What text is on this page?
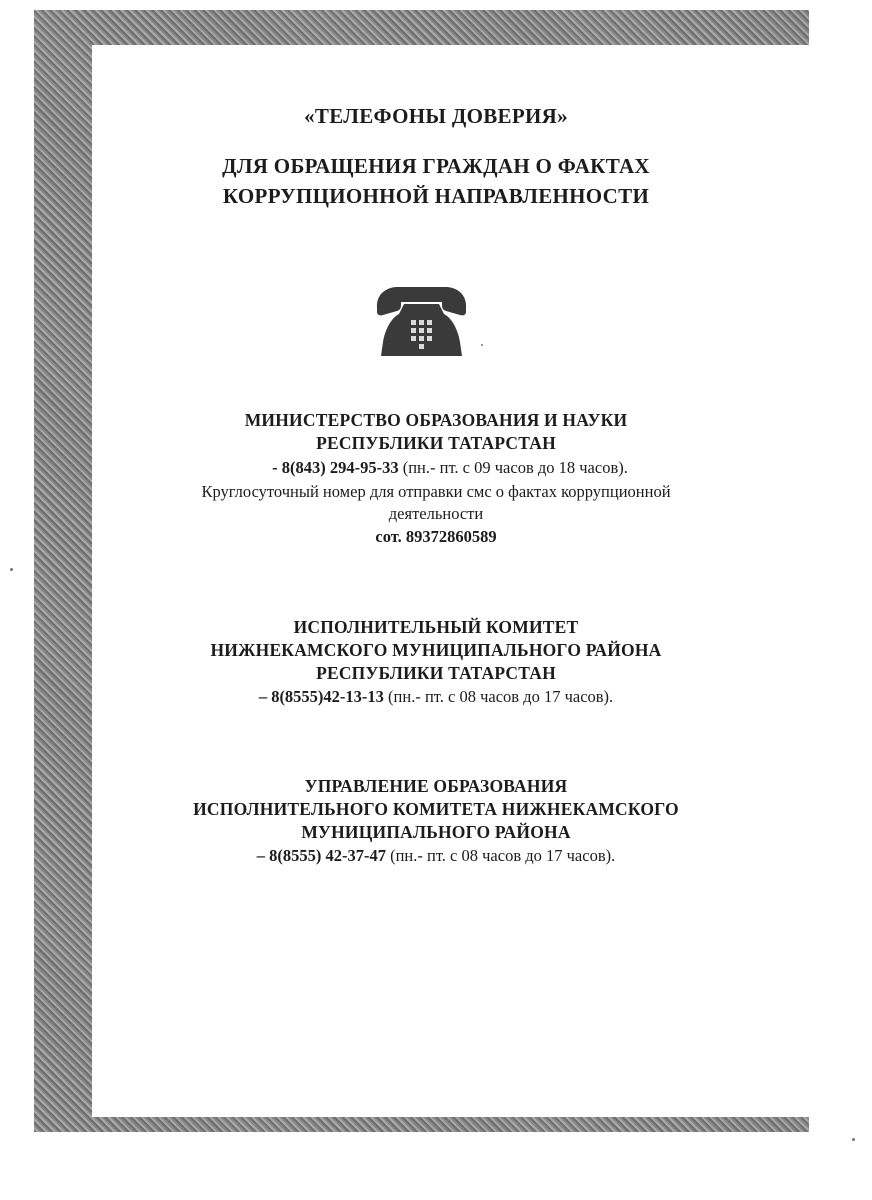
«ТЕЛЕФОНЫ ДОВЕРИЯ»
ДЛЯ ОБРАЩЕНИЯ ГРАЖДАН О ФАКТАХ
КОРРУПЦИОННОЙ НАПРАВЛЕННОСТИ
МИНИСТЕРСТВО ОБРАЗОВАНИЯ И НАУКИ
РЕСПУБЛИКИ ТАТАРСТАН
- 8(843) 294-95-33 (пн.- пт. с 09 часов до 18 часов).
Круглосуточный номер для отправки смс о фактах коррупционной
деятельности
сот. 89372860589
ИСПОЛНИТЕЛЬНЫЙ КОМИТЕТ
НИЖНЕКАМСКОГО МУНИЦИПАЛЬНОГО РАЙОНА
РЕСПУБЛИКИ ТАТАРСТАН
– 8(8555)42-13-13 (пн.- пт. с 08 часов до 17 часов).
УПРАВЛЕНИЕ ОБРАЗОВАНИЯ
ИСПОЛНИТЕЛЬНОГО КОМИТЕТА НИЖНЕКАМСКОГО
МУНИЦИПАЛЬНОГО РАЙОНА
– 8(8555) 42-37-47 (пн.- пт. с 08 часов до 17 часов).
